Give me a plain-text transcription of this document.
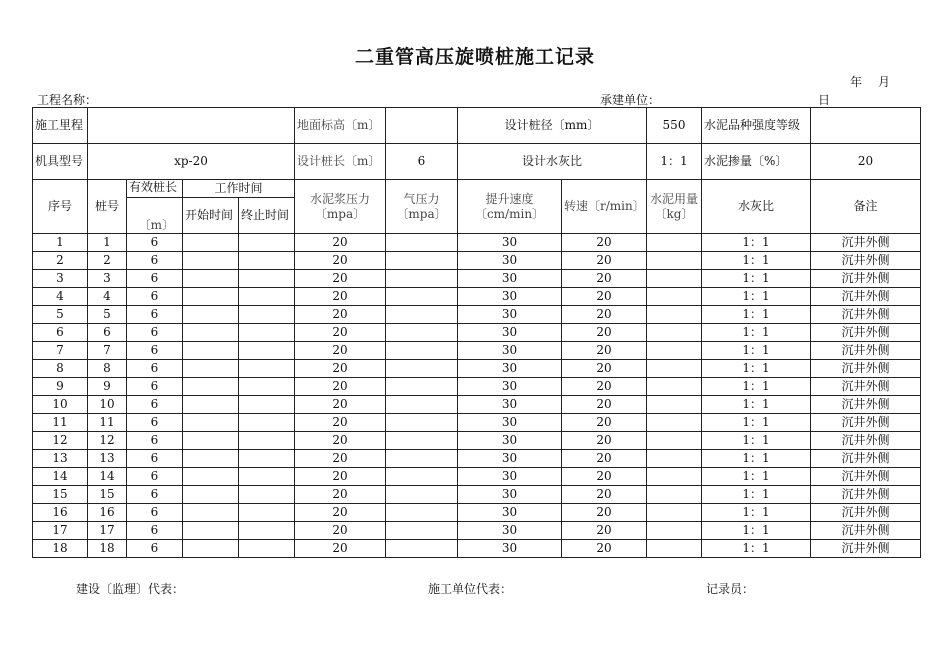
二重管高压旋喷桩施工记录
年 月
工程名称：	承建单位：	日
施工里程					地面标高〔m〕		设计桩径〔mm〕		550	水泥品种强度等级	
机具型号	xp-20				设计桩长〔m〕	6	设计水灰比		1：1	水泥掺量〔%〕	20
序号	桩号	有效桩长	工作时间		水泥浆压力〔mpa〕	气压力〔mpa〕	提升速度〔cm/min〕	转速〔r/min〕	水泥用量〔kg〕	水灰比	备注
		〔m〕	开始时间	终止时间							
1	1	6			20		30	20		1：1	沉井外侧
2	2	6			20		30	20		1：1	沉井外侧
3	3	6			20		30	20		1：1	沉井外侧
4	4	6			20		30	20		1：1	沉井外侧
5	5	6			20		30	20		1：1	沉井外侧
6	6	6			20		30	20		1：1	沉井外侧
7	7	6			20		30	20		1：1	沉井外侧
8	8	6			20		30	20		1：1	沉井外侧
9	9	6			20		30	20		1：1	沉井外侧
10	10	6			20		30	20		1：1	沉井外侧
11	11	6			20		30	20		1：1	沉井外侧
12	12	6			20		30	20		1：1	沉井外侧
13	13	6			20		30	20		1：1	沉井外侧
14	14	6			20		30	20		1：1	沉井外侧
15	15	6			20		30	20		1：1	沉井外侧
16	16	6			20		30	20		1：1	沉井外侧
17	17	6			20		30	20		1：1	沉井外侧
18	18	6			20		30	20		1：1	沉井外侧
建设〔监理〕代表：	施工单位代表：	记录员：
